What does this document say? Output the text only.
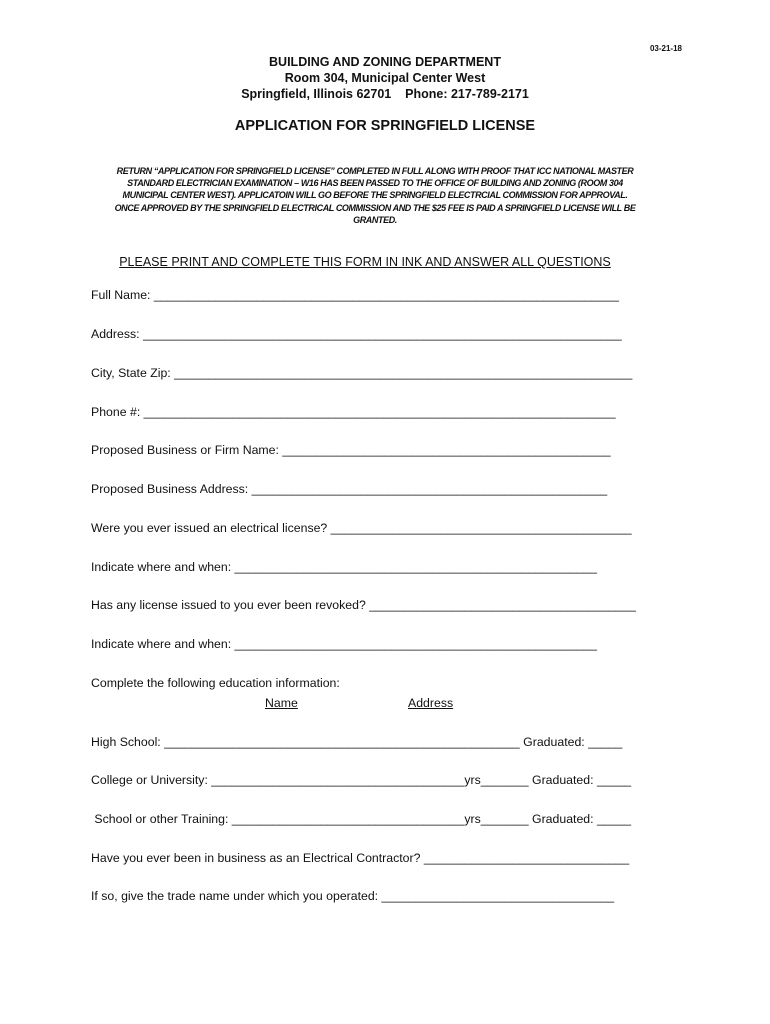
03-21-18
BUILDING AND ZONING DEPARTMENT
Room 304, Municipal Center West
Springfield, Illinois 62701    Phone: 217-789-2171
APPLICATION FOR SPRINGFIELD LICENSE
RETURN “APPLICATION FOR SPRINGFIELD LICENSE” COMPLETED IN FULL ALONG WITH PROOF THAT ICC NATIONAL MASTER STANDARD ELECTRICIAN EXAMINATION – W16 HAS BEEN PASSED TO THE OFFICE OF BUILDING AND ZONING (ROOM 304 MUNICIPAL CENTER WEST). APPLICATOIN WILL GO BEFORE THE SPRINGFIELD ELECTRCIAL COMMISSION FOR APPROVAL. ONCE APPROVED BY THE SPRINGFIELD ELECTRICAL COMMISSION AND THE $25 FEE IS PAID A SPRINGFIELD LICENSE WILL BE GRANTED.
PLEASE PRINT AND COMPLETE THIS FORM IN INK AND ANSWER ALL QUESTIONS
Full Name: ____________________________________________________________________
Address: ______________________________________________________________________
City, State Zip: ___________________________________________________________________
Phone #: _____________________________________________________________________
Proposed Business or Firm Name: ________________________________________________
Proposed Business Address: ____________________________________________________
Were you ever issued an electrical license? ____________________________________________
Indicate where and when: _____________________________________________________
Has any license issued to you ever been revoked? _______________________________________
Indicate where and when: _____________________________________________________
Complete the following education information:
Name	Address
High School: ____________________________________________________ Graduated: _____
College or University: _____________________________________yrs_______ Graduated: _____
School or other Training: __________________________________yrs_______ Graduated: _____
Have you ever been in business as an Electrical Contractor? ______________________________
If so, give the trade name under which you operated: __________________________________
